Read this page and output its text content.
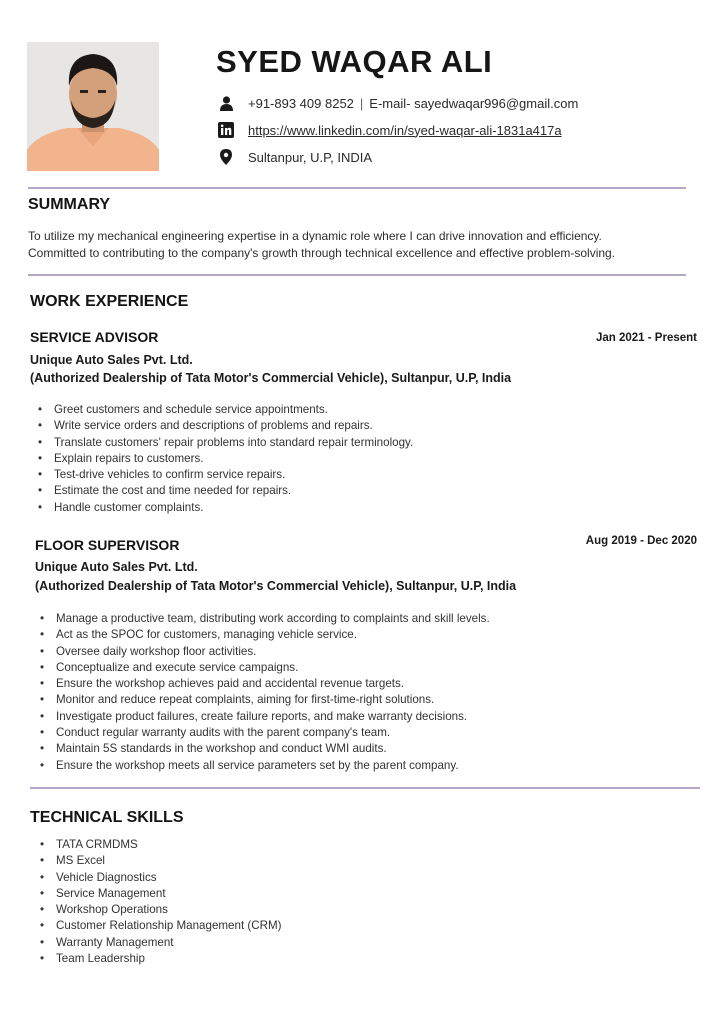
SYED WAQAR ALI
+91-893 409 8252 | E-mail- sayedwaqar996@gmail.com
https://www.linkedin.com/in/syed-waqar-ali-1831a417a
Sultanpur, U.P, INDIA
SUMMARY
To utilize my mechanical engineering expertise in a dynamic role where I can drive innovation and efficiency.
Committed to contributing to the company's growth through technical excellence and effective problem-solving.
WORK EXPERIENCE
SERVICE ADVISOR	Jan 2021 - Present
Unique Auto Sales Pvt. Ltd.
(Authorized Dealership of Tata Motor's Commercial Vehicle), Sultanpur, U.P, India
• Greet customers and schedule service appointments.
• Write service orders and descriptions of problems and repairs.
• Translate customers' repair problems into standard repair terminology.
• Explain repairs to customers.
• Test-drive vehicles to confirm service repairs.
• Estimate the cost and time needed for repairs.
• Handle customer complaints.
FLOOR SUPERVISOR	Aug 2019 - Dec 2020
Unique Auto Sales Pvt. Ltd.
(Authorized Dealership of Tata Motor's Commercial Vehicle), Sultanpur, U.P, India
• Manage a productive team, distributing work according to complaints and skill levels.
• Act as the SPOC for customers, managing vehicle service.
• Oversee daily workshop floor activities.
• Conceptualize and execute service campaigns.
• Ensure the workshop achieves paid and accidental revenue targets.
• Monitor and reduce repeat complaints, aiming for first-time-right solutions.
• Investigate product failures, create failure reports, and make warranty decisions.
• Conduct regular warranty audits with the parent company's team.
• Maintain 5S standards in the workshop and conduct WMI audits.
• Ensure the workshop meets all service parameters set by the parent company.
TECHNICAL SKILLS
• TATA CRMDMS
• MS Excel
• Vehicle Diagnostics
• Service Management
• Workshop Operations
• Customer Relationship Management (CRM)
• Warranty Management
• Team Leadership
